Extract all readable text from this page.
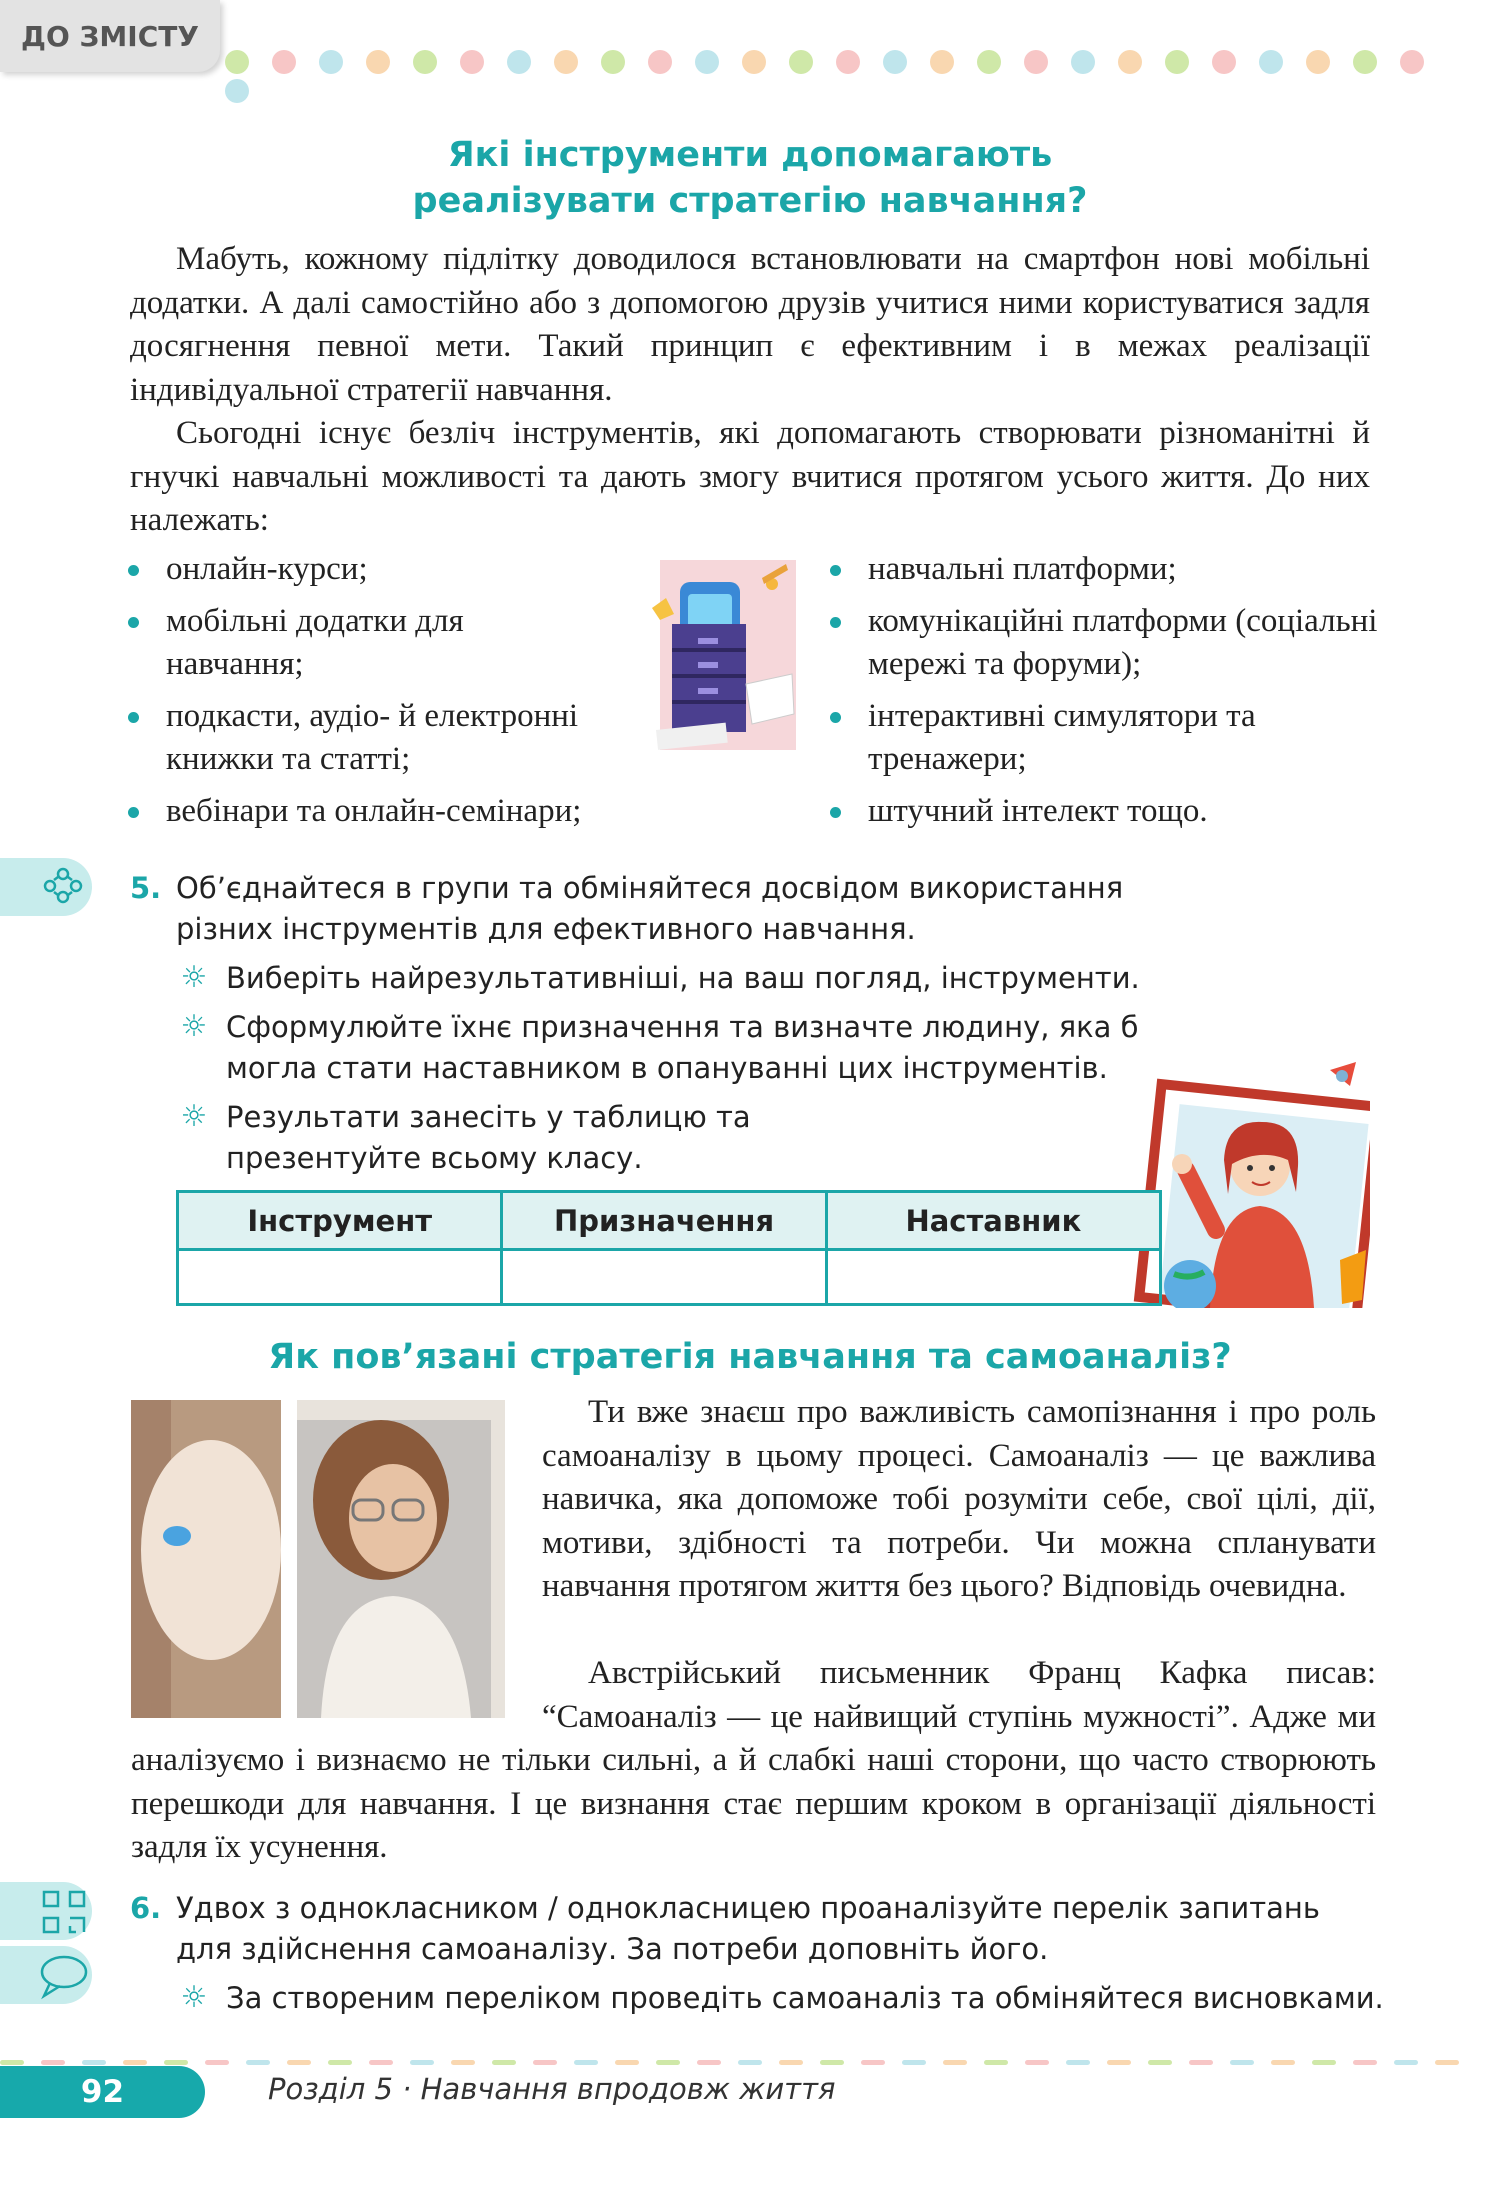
ДО ЗМІСТУ
Які інструменти допомагають
реалізувати стратегію навчання?

Мабуть, кожному підлітку доводилося встановлювати на смартфон нові мобільні додатки. А далі самостійно або з допомогою друзів учитися ними користуватися задля досягнення певної мети. Такий принцип є ефективним і в межах реалізації індивідуальної стратегії навчання.

Сьогодні існує безліч інструментів, які допомагають створювати різноманітні й гнучкі навчальні можливості та дають змогу вчитися протягом усього життя. До них належать:

онлайн-курси;
мобільні додатки для навчання;
подкасти, аудіо- й електронні книжки та статті;
вебінари та онлайн-семінари;
навчальні платформи;
комунікаційні платформи (соціальні мережі та форуми);
інтерактивні симулятори та тренажери;
штучний інтелект тощо.
5. Об’єднайтеся в групи та обміняйтеся досвідом використання різних інструментів для ефективного навчання.
☼ Виберіть найрезультативніші, на ваш погляд, інструменти.
☼ Сформулюйте їхнє призначення та визначте людину, яка б могла стати наставником в опануванні цих інструментів.
☼ Результати занесіть у таблицю та презентуйте всьому класу.
Інструмент	Призначення	Наставник

Як пов’язані стратегія навчання та самоаналіз?

Ти вже знаєш про важливість самопізнання і про роль самоаналізу в цьому процесі. Самоаналіз — це важлива навичка, яка допоможе тобі розуміти себе, свої цілі, дії, мотиви, здібності та потреби. Чи можна спланувати навчання протягом життя без цього? Відповідь очевидна.

Австрійський письменник Франц Кафка писав: “Самоаналіз — це найвищий ступінь мужності”. Адже ми аналізуємо і визнаємо не тільки сильні, а й слабкі наші сторони, що часто створюють перешкоди для навчання. І це визнання стає першим кроком в організації діяльності задля їх усунення.

6. Удвох з однокласником / однокласницею проаналізуйте перелік запитань для здійснення самоаналізу. За потреби доповніть його.
☼ За створеним переліком проведіть самоаналіз та обміняйтеся висновками.
92	Розділ 5 · Навчання впродовж життя
